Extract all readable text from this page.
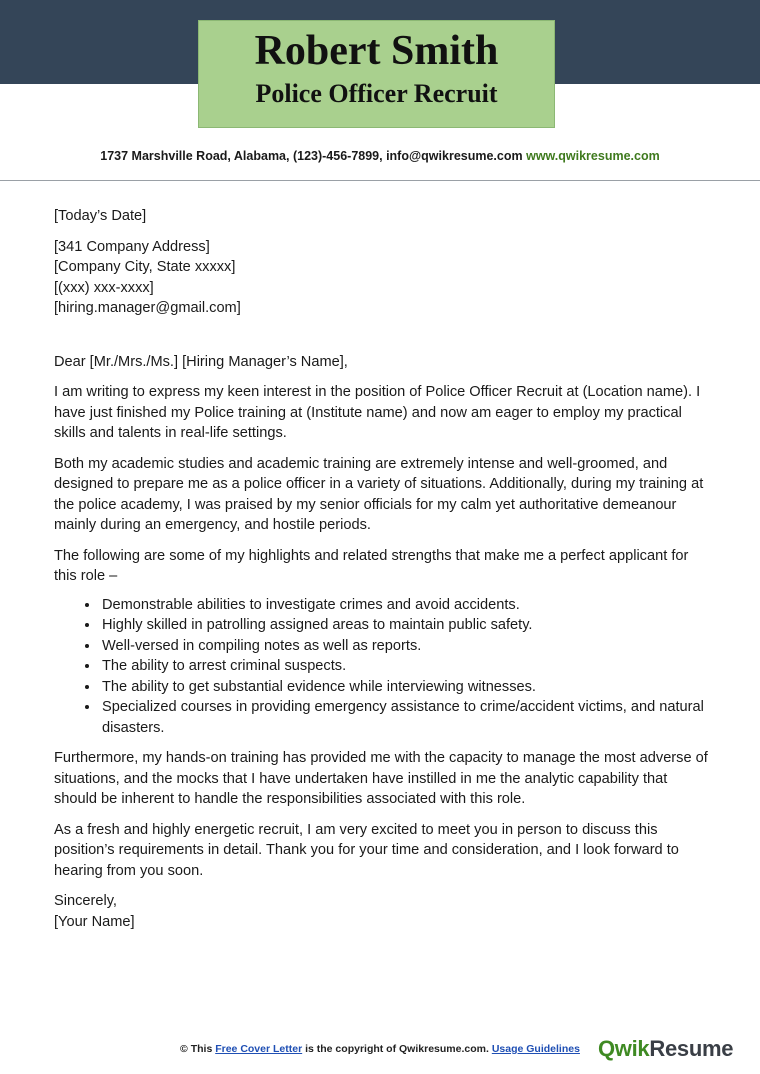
Robert Smith
Police Officer Recruit
1737 Marshville Road, Alabama, (123)-456-7899, info@qwikresume.com www.qwikresume.com

[Today’s Date]

[341 Company Address]

[Company City, State xxxxx]

[(xxx) xxx-xxxx]

[hiring.manager@gmail.com]

Dear [Mr./Mrs./Ms.] [Hiring Manager’s Name],

I am writing to express my keen interest in the position of Police Officer Recruit at (Location name). I have just finished my Police training at (Institute name) and now am eager to employ my practical skills and talents in real-life settings.

Both my academic studies and academic training are extremely intense and well-groomed, and designed to prepare me as a police officer in a variety of situations. Additionally, during my training at the police academy, I was praised by my senior officials for my calm yet authoritative demeanour mainly during an emergency, and hostile periods.

The following are some of my highlights and related strengths that make me a perfect applicant for this role –

• Demonstrable abilities to investigate crimes and avoid accidents.
• Highly skilled in patrolling assigned areas to maintain public safety.
• Well-versed in compiling notes as well as reports.
• The ability to arrest criminal suspects.
• The ability to get substantial evidence while interviewing witnesses.
• Specialized courses in providing emergency assistance to crime/accident victims, and natural disasters.

Furthermore, my hands-on training has provided me with the capacity to manage the most adverse of situations, and the mocks that I have undertaken have instilled in me the analytic capability that should be inherent to handle the responsibilities associated with this role.

As a fresh and highly energetic recruit, I am very excited to meet you in person to discuss this position’s requirements in detail. Thank you for your time and consideration, and I look forward to hearing from you soon.

Sincerely,

[Your Name]

© This Free Cover Letter is the copyright of Qwikresume.com. Usage Guidelines QwikResume
